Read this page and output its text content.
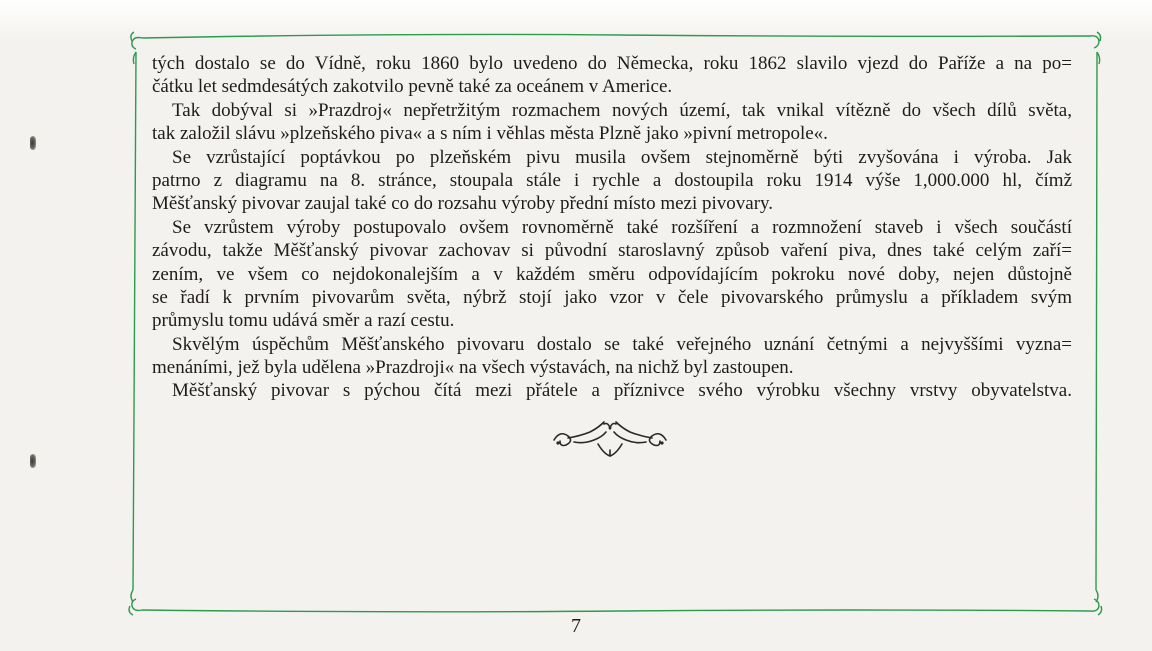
tých dostalo se do Vídně, roku 1860 bylo uvedeno do Německa, roku 1862 slavilo vjezd do Paříže a na po=
čátku let sedmdesátých zakotvilo pevně také za oceánem v Americe.
Tak dobýval si »Prazdroj« nepřetržitým rozmachem nových území, tak vnikal vítězně do všech dílů světa,
tak založil slávu »plzeňského piva« a s ním i věhlas města Plzně jako »pivní metropole«.
Se vzrůstající poptávkou po plzeňském pivu musila ovšem stejnoměrně býti zvyšována i výroba. Jak
patrno z diagramu na 8. stránce, stoupala stále i rychle a dostoupila roku 1914 výše 1,000.000 hl, čímž
Měšťanský pivovar zaujal také co do rozsahu výroby přední místo mezi pivovary.
Se vzrůstem výroby postupovalo ovšem rovnoměrně také rozšíření a rozmnožení staveb i všech součástí
závodu, takže Měšťanský pivovar zachovav si původní staroslavný způsob vaření piva, dnes také celým zaří=
zením, ve všem co nejdokonalejším a v každém směru odpovídajícím pokroku nové doby, nejen důstojně
se řadí k prvním pivovarům světa, nýbrž stojí jako vzor v čele pivovarského průmyslu a příkladem svým
průmyslu tomu udává směr a razí cestu.
Skvělým úspěchům Měšťanského pivovaru dostalo se také veřejného uznání četnými a nejvyššími vyzna=
menáními, jež byla udělena »Prazdroji« na všech výstavách, na nichž byl zastoupen.
Měšťanský pivovar s pýchou čítá mezi přátele a příznivce svého výrobku všechny vrstvy obyvatelstva.
7
